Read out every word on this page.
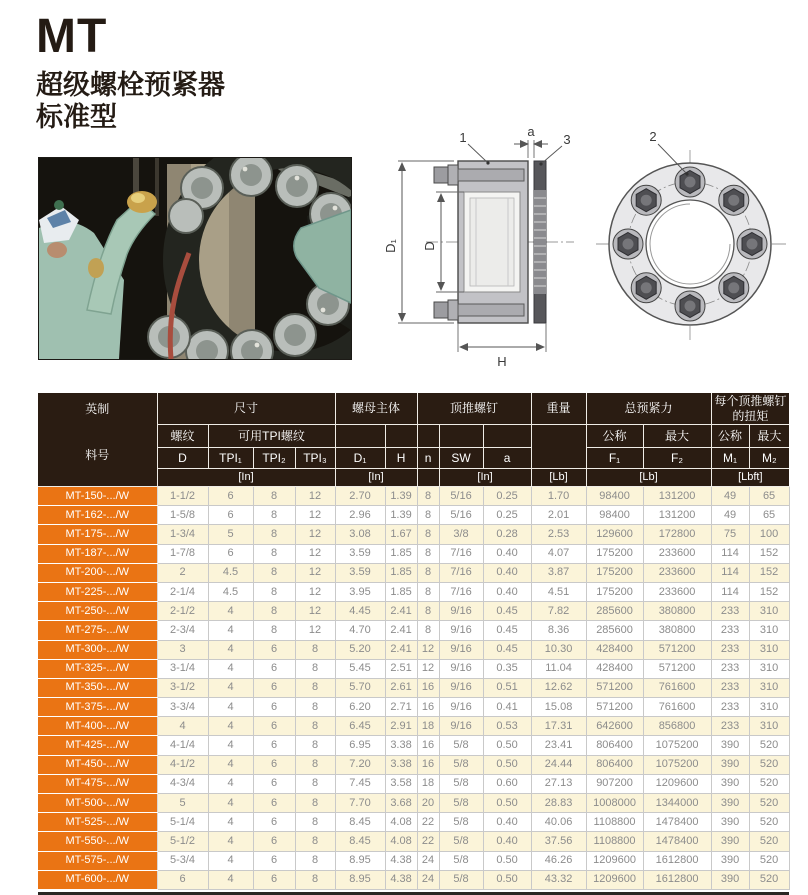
MT
超级螺栓预紧器
标准型
D₁ D
H
a
1	3	2
英制	尺寸				螺母主体		顶推螺钉			重量	总预紧力		每个顶推螺钉的扭矩	
料号	螺纹	可用TPI螺纹									公称	最大	公称	最大
	D	TPI₁	TPI₂	TPI₃	D₁	H	n	SW	a		F₁	F₂	M₁	M₂
	[In]				[In]			[In]		[Lb]	[Lb]		[Lbft]	
MT-150-.../W	1-1/2	6	8	12	2.70	1.39	8	5/16	0.25	1.70	98400	131200	49	65
MT-162-.../W	1-5/8	6	8	12	2.96	1.39	8	5/16	0.25	2.01	98400	131200	49	65
MT-175-.../W	1-3/4	5	8	12	3.08	1.67	8	3/8	0.28	2.53	129600	172800	75	100
MT-187-.../W	1-7/8	6	8	12	3.59	1.85	8	7/16	0.40	4.07	175200	233600	114	152
MT-200-.../W	2	4.5	8	12	3.59	1.85	8	7/16	0.40	3.87	175200	233600	114	152
MT-225-.../W	2-1/4	4.5	8	12	3.95	1.85	8	7/16	0.40	4.51	175200	233600	114	152
MT-250-.../W	2-1/2	4	8	12	4.45	2.41	8	9/16	0.45	7.82	285600	380800	233	310
MT-275-.../W	2-3/4	4	8	12	4.70	2.41	8	9/16	0.45	8.36	285600	380800	233	310
MT-300-.../W	3	4	6	8	5.20	2.41	12	9/16	0.45	10.30	428400	571200	233	310
MT-325-.../W	3-1/4	4	6	8	5.45	2.51	12	9/16	0.35	11.04	428400	571200	233	310
MT-350-.../W	3-1/2	4	6	8	5.70	2.61	16	9/16	0.51	12.62	571200	761600	233	310
MT-375-.../W	3-3/4	4	6	8	6.20	2.71	16	9/16	0.41	15.08	571200	761600	233	310
MT-400-.../W	4	4	6	8	6.45	2.91	18	9/16	0.53	17.31	642600	856800	233	310
MT-425-.../W	4-1/4	4	6	8	6.95	3.38	16	5/8	0.50	23.41	806400	1075200	390	520
MT-450-.../W	4-1/2	4	6	8	7.20	3.38	16	5/8	0.50	24.44	806400	1075200	390	520
MT-475-.../W	4-3/4	4	6	8	7.45	3.58	18	5/8	0.60	27.13	907200	1209600	390	520
MT-500-.../W	5	4	6	8	7.70	3.68	20	5/8	0.50	28.83	1008000	1344000	390	520
MT-525-.../W	5-1/4	4	6	8	8.45	4.08	22	5/8	0.40	40.06	1108800	1478400	390	520
MT-550-.../W	5-1/2	4	6	8	8.45	4.08	22	5/8	0.40	37.56	1108800	1478400	390	520
MT-575-.../W	5-3/4	4	6	8	8.95	4.38	24	5/8	0.50	46.26	1209600	1612800	390	520
MT-600-.../W	6	4	6	8	8.95	4.38	24	5/8	0.50	43.32	1209600	1612800	390	520
